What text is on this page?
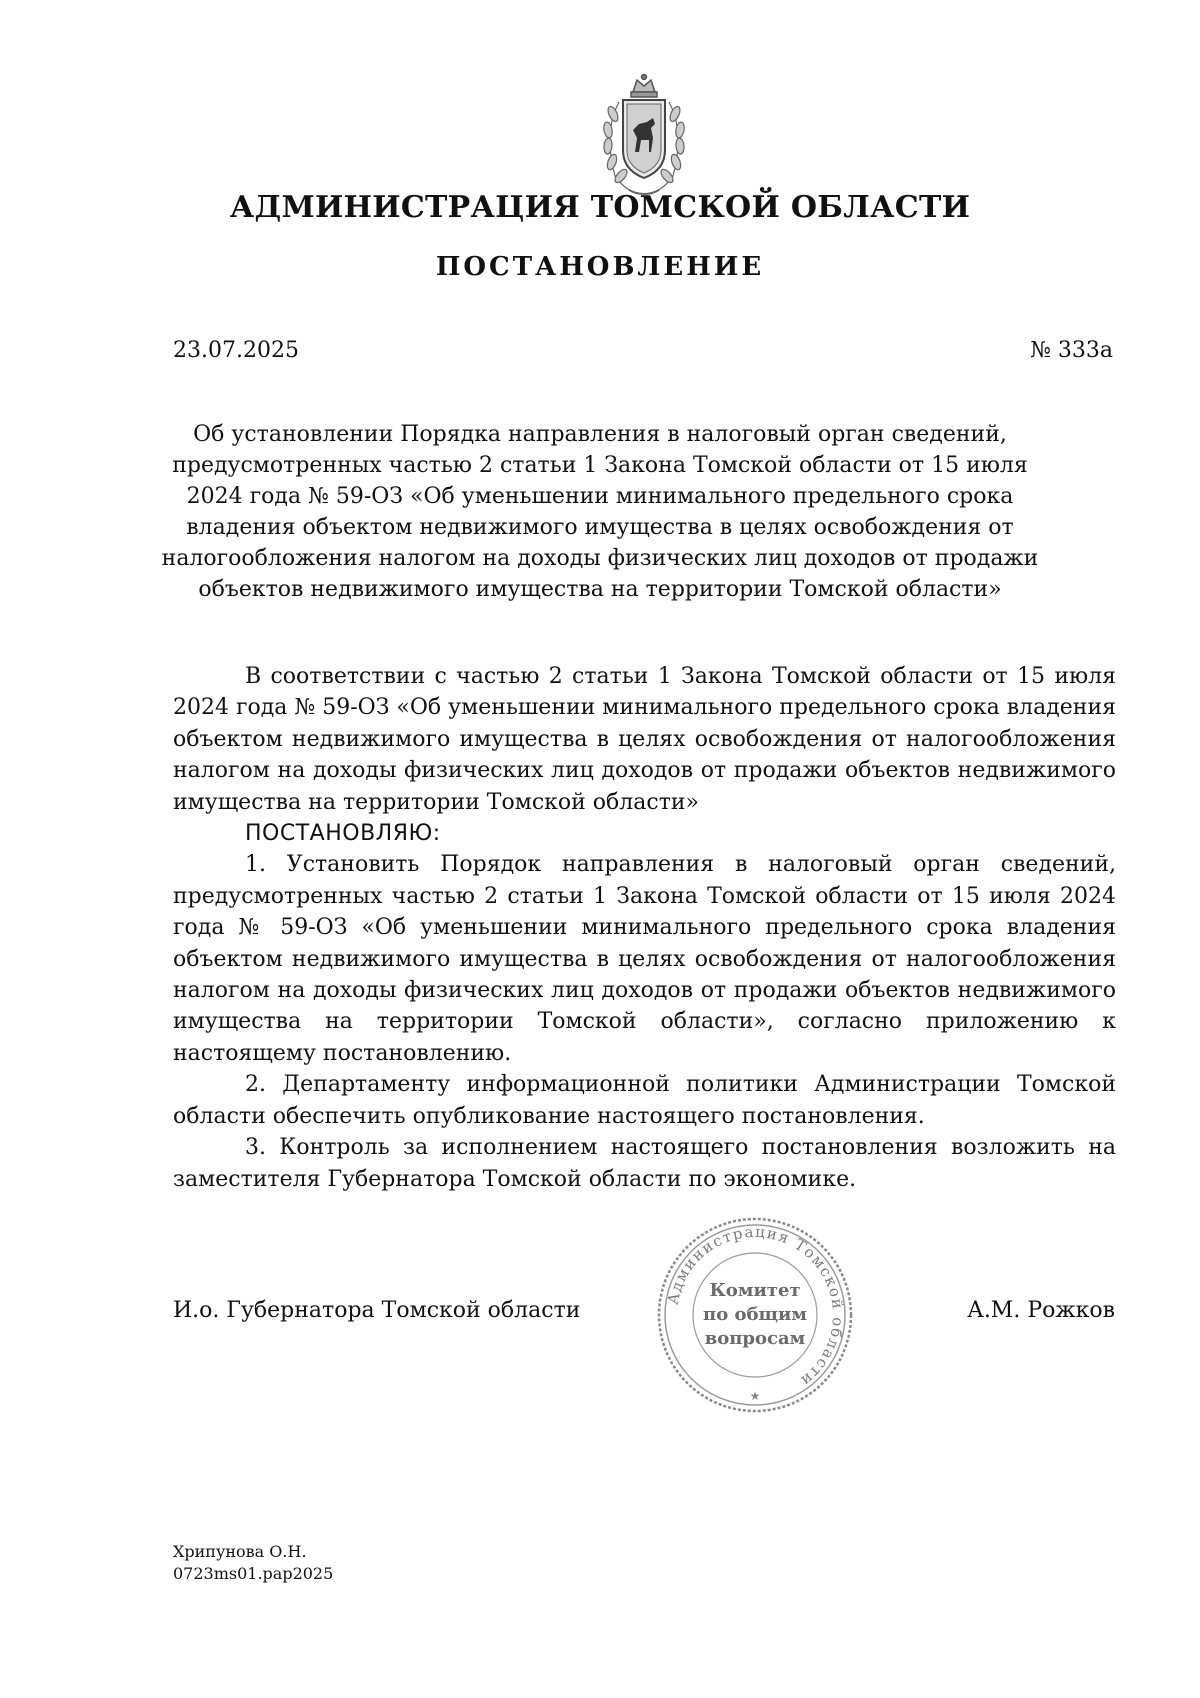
АДМИНИСТРАЦИЯ ТОМСКОЙ ОБЛАСТИ
ПОСТАНОВЛЕНИЕ
23.07.2025	№ 333а
Об установлении Порядка направления в налоговый орган сведений, предусмотренных частью 2 статьи 1 Закона Томской области от 15 июля 2024 года № 59-ОЗ «Об уменьшении минимального предельного срока владения объектом недвижимого имущества в целях освобождения от налогообложения налогом на доходы физических лиц доходов от продажи объектов недвижимого имущества на территории Томской области»

В соответствии с частью 2 статьи 1 Закона Томской области от 15 июля 2024 года № 59-ОЗ «Об уменьшении минимального предельного срока владения объектом недвижимого имущества в целях освобождения от налогообложения налогом на доходы физических лиц доходов от продажи объектов недвижимого имущества на территории Томской области»

ПОСТАНОВЛЯЮ:

1. Установить Порядок направления в налоговый орган сведений, предусмотренных частью 2 статьи 1 Закона Томской области от 15 июля 2024 года № 59-ОЗ «Об уменьшении минимального предельного срока владения объектом недвижимого имущества в целях освобождения от налогообложения налогом на доходы физических лиц доходов от продажи объектов недвижимого имущества на территории Томской области», согласно приложению к настоящему постановлению.

2. Департаменту информационной политики Администрации Томской области обеспечить опубликование настоящего постановления.

3. Контроль за исполнением настоящего постановления возложить на заместителя Губернатора Томской области по экономике.

И.о. Губернатора Томской области	А.М. Рожков
Администрация Томской области
★
Комитет
по общим
вопросам
Хрипунова О.Н.
0723ms01.pap2025
